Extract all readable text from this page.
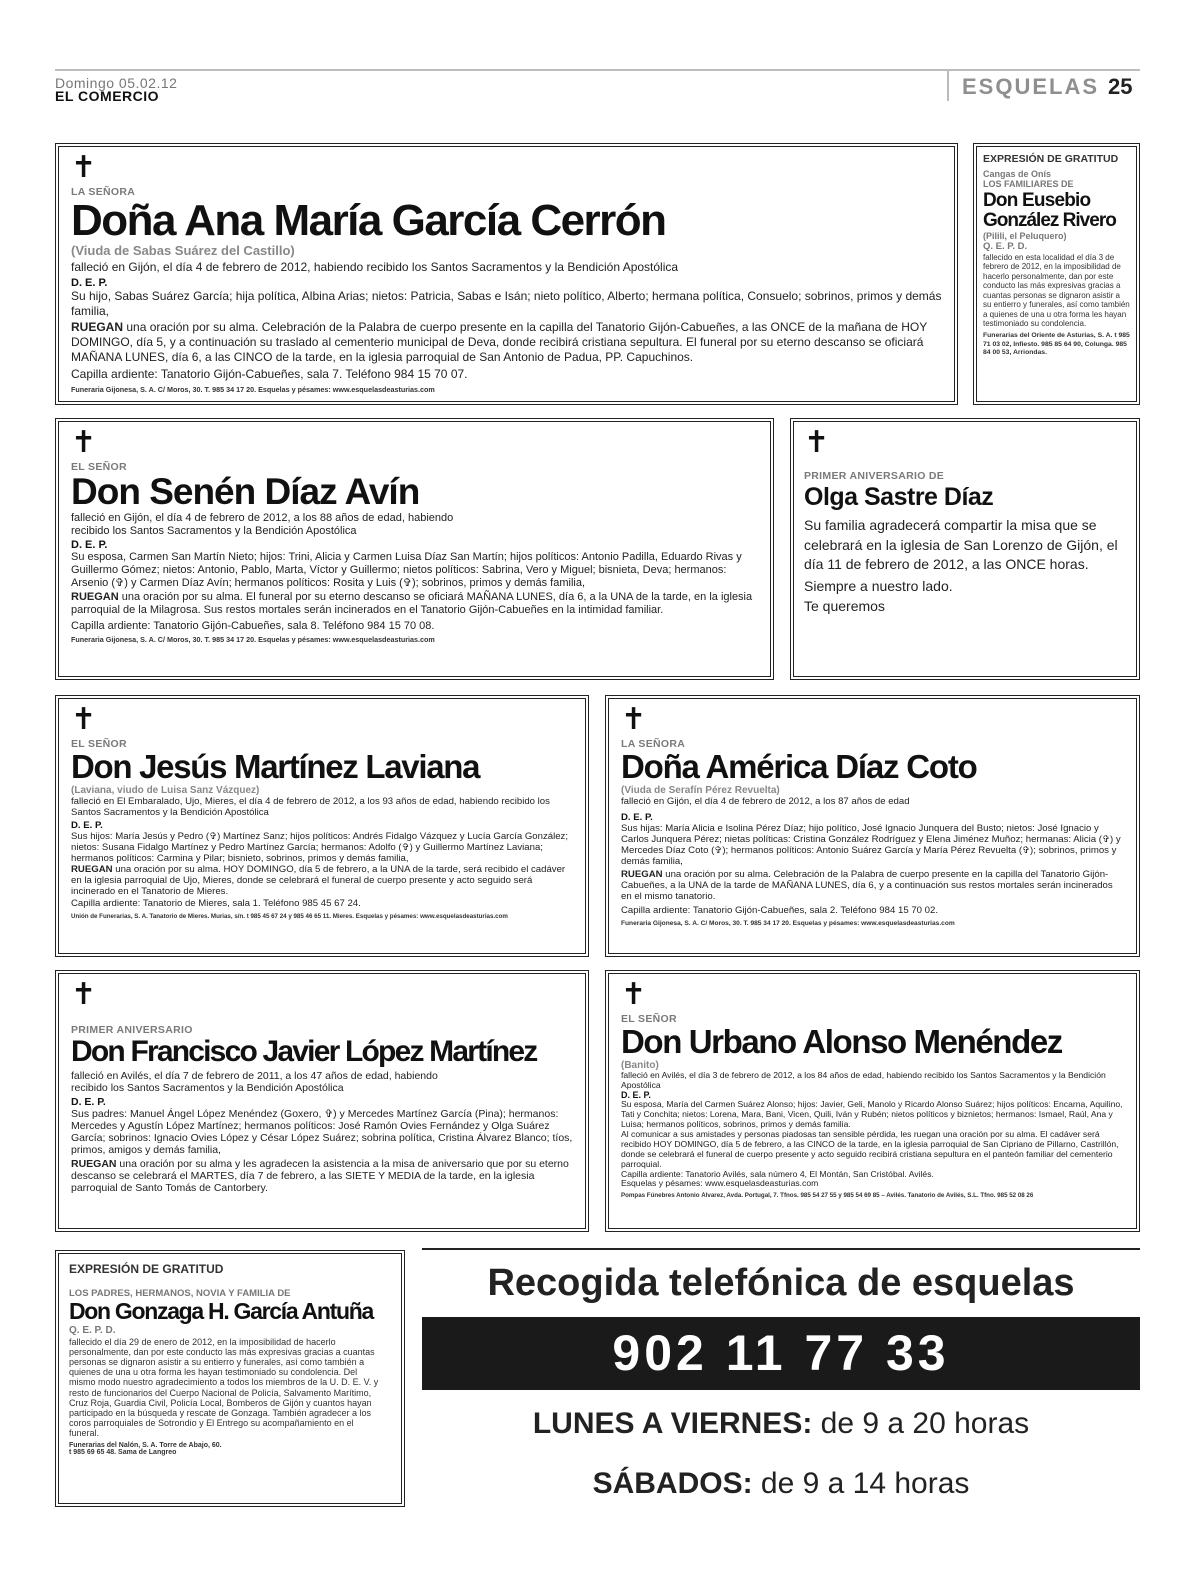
Domingo 05.02.12
EL COMERCIO	ESQUELAS 25
✝
LA SEÑORA
Doña Ana María García Cerrón
(Viuda de Sabas Suárez del Castillo)
falleció en Gijón, el día 4 de febrero de 2012, habiendo recibido los Santos Sacramentos y la Bendición Apostólica
D. E. P.
Su hijo, Sabas Suárez García; hija política, Albina Arias; nietos: Patricia, Sabas e Isán; nieto político, Alberto; hermana política, Consuelo; sobrinos, primos y demás familia,
RUEGAN una oración por su alma. Celebración de la Palabra de cuerpo presente en la capilla del Tanatorio Gijón-Cabueñes, a las ONCE de la mañana de HOY DOMINGO, día 5, y a continuación su traslado al cementerio municipal de Deva, donde recibirá cristiana sepultura. El funeral por su eterno descanso se oficiará MAÑANA LUNES, día 6, a las CINCO de la tarde, en la iglesia parroquial de San Antonio de Padua, PP. Capuchinos.
Capilla ardiente: Tanatorio Gijón-Cabueñes, sala 7. Teléfono 984 15 70 07.
Funeraria Gijonesa, S. A. C/ Moros, 30. T. 985 34 17 20. Esquelas y pésames: www.esquelasdeasturias.com
EXPRESIÓN DE GRATITUD
Cangas de Onís
LOS FAMILIARES DE
Don Eusebio
González Rivero
(Pilili, el Peluquero)
Q. E. P. D.
fallecido en esta localidad el día 3 de febrero de 2012, en la imposibilidad de hacerlo personalmente, dan por este conducto las más expresivas gracias a cuantas personas se dignaron asistir a su entierro y funerales, así como también a quienes de una u otra forma les hayan testimoniado su condolencia.
Funerarias del Oriente de Asturias, S. A. t 985 71 03 02, Infiesto. 985 85 64 90, Colunga. 985 84 00 53, Arriondas.
✝
EL SEÑOR
Don Senén Díaz Avín
falleció en Gijón, el día 4 de febrero de 2012, a los 88 años de edad, habiendo recibido los Santos Sacramentos y la Bendición Apostólica
D. E. P.
Su esposa, Carmen San Martín Nieto; hijos: Trini, Alicia y Carmen Luisa Díaz San Martín; hijos políticos: Antonio Padilla, Eduardo Rivas y Guillermo Gómez; nietos: Antonio, Pablo, Marta, Víctor y Guillermo; nietos políticos: Sabrina, Vero y Miguel; bisnieta, Deva; hermanos: Arsenio (✞) y Carmen Díaz Avín; hermanos políticos: Rosita y Luis (✞); sobrinos, primos y demás familia,
RUEGAN una oración por su alma. El funeral por su eterno descanso se oficiará MAÑANA LUNES, día 6, a la UNA de la tarde, en la iglesia parroquial de la Milagrosa. Sus restos mortales serán incinerados en el Tanatorio Gijón-Cabueñes en la intimidad familiar.
Capilla ardiente: Tanatorio Gijón-Cabueñes, sala 8. Teléfono 984 15 70 08.
Funeraria Gijonesa, S. A. C/ Moros, 30. T. 985 34 17 20. Esquelas y pésames: www.esquelasdeasturias.com
✝
PRIMER ANIVERSARIO DE
Olga Sastre Díaz
Su familia agradecerá compartir la misa que se celebrará en la iglesia de San Lorenzo de Gijón, el día 11 de febrero de 2012, a las ONCE horas.
Siempre a nuestro lado.
Te queremos
✝
EL SEÑOR
Don Jesús Martínez Laviana
(Laviana, viudo de Luisa Sanz Vázquez)
falleció en El Embaralado, Ujo, Mieres, el día 4 de febrero de 2012, a los 93 años de edad, habiendo recibido los Santos Sacramentos y la Bendición Apostólica
D. E. P.
Sus hijos: María Jesús y Pedro (✞) Martínez Sanz; hijos políticos: Andrés Fidalgo Vázquez y Lucía García González; nietos: Susana Fidalgo Martínez y Pedro Martínez García; hermanos: Adolfo (✞) y Guillermo Martínez Laviana; hermanos políticos: Carmina y Pilar; bisnieto, sobrinos, primos y demás familia,
RUEGAN una oración por su alma. HOY DOMINGO, día 5 de febrero, a la UNA de la tarde, será recibido el cadáver en la iglesia parroquial de Ujo, Mieres, donde se celebrará el funeral de cuerpo presente y acto seguido será incinerado en el Tanatorio de Mieres.
Capilla ardiente: Tanatorio de Mieres, sala 1. Teléfono 985 45 67 24.
Unión de Funerarias, S. A. Tanatorio de Mieres. Murias, s/n. t 985 45 67 24 y 985 46 65 11. Mieres. Esquelas y pésames: www.esquelasdeasturias.com
✝
LA SEÑORA
Doña América Díaz Coto
(Viuda de Serafín Pérez Revuelta)
falleció en Gijón, el día 4 de febrero de 2012, a los 87 años de edad
D. E. P.
Sus hijas: María Alicia e Isolina Pérez Díaz; hijo político, José Ignacio Junquera del Busto; nietos: José Ignacio y Carlos Junquera Pérez; nietas políticas: Cristina González Rodríguez y Elena Jiménez Muñoz; hermanas: Alicia (✞) y Mercedes Díaz Coto (✞); hermanos políticos: Antonio Suárez García y María Pérez Revuelta (✞); sobrinos, primos y demás familia,
RUEGAN una oración por su alma. Celebración de la Palabra de cuerpo presente en la capilla del Tanatorio Gijón-Cabueñes, a la UNA de la tarde de MAÑANA LUNES, día 6, y a continuación sus restos mortales serán incinerados en el mismo tanatorio.
Capilla ardiente: Tanatorio Gijón-Cabueñes, sala 2. Teléfono 984 15 70 02.
Funeraria Gijonesa, S. A. C/ Moros, 30. T. 985 34 17 20. Esquelas y pésames: www.esquelasdeasturias.com
✝
PRIMER ANIVERSARIO
Don Francisco Javier López Martínez
falleció en Avilés, el día 7 de febrero de 2011, a los 47 años de edad, habiendo recibido los Santos Sacramentos y la Bendición Apostólica
D. E. P.
Sus padres: Manuel Ángel López Menéndez (Goxero, ✞) y Mercedes Martínez García (Pina); hermanos: Mercedes y Agustín López Martínez; hermanos políticos: José Ramón Ovies Fernández y Olga Suárez García; sobrinos: Ignacio Ovies López y César López Suárez; sobrina política, Cristina Álvarez Blanco; tíos, primos, amigos y demás familia,
RUEGAN una oración por su alma y les agradecen la asistencia a la misa de aniversario que por su eterno descanso se celebrará el MARTES, día 7 de febrero, a las SIETE Y MEDIA de la tarde, en la iglesia parroquial de Santo Tomás de Cantorbery.
✝
EL SEÑOR
Don Urbano Alonso Menéndez
(Banito)
falleció en Avilés, el día 3 de febrero de 2012, a los 84 años de edad, habiendo recibido los Santos Sacramentos y la Bendición Apostólica
D. E. P.
Su esposa, María del Carmen Suárez Alonso; hijos: Javier, Geli, Manolo y Ricardo Alonso Suárez; hijos políticos: Encarna, Aquilino, Tati y Conchita; nietos: Lorena, Mara, Bani, Vicen, Quili, Iván y Rubén; nietos políticos y biznietos; hermanos: Ismael, Raúl, Ana y Luisa; hermanos políticos, sobrinos, primos y demás familia.
Al comunicar a sus amistades y personas piadosas tan sensible pérdida, les ruegan una oración por su alma. El cadáver será recibido HOY DOMINGO, día 5 de febrero, a las CINCO de la tarde, en la iglesia parroquial de San Cipriano de Pillarno, Castrillón, donde se celebrará el funeral de cuerpo presente y acto seguido recibirá cristiana sepultura en el panteón familiar del cementerio parroquial.
Capilla ardiente: Tanatorio Avilés, sala número 4, El Montán, San Cristóbal. Avilés.
Esquelas y pésames: www.esquelasdeasturias.com
Pompas Fúnebres Antonio Álvarez, Avda. Portugal, 7. Tfnos. 985 54 27 55 y 985 54 69 85 – Avilés. Tanatorio de Avilés, S.L. Tfno. 985 52 08 26
EXPRESIÓN DE GRATITUD
LOS PADRES, HERMANOS, NOVIA Y FAMILIA DE
Don Gonzaga H. García Antuña
Q. E. P. D.
fallecido el día 29 de enero de 2012, en la imposibilidad de hacerlo personalmente, dan por este conducto las más expresivas gracias a cuantas personas se dignaron asistir a su entierro y funerales, así como también a quienes de una u otra forma les hayan testimoniado su condolencia. Del mismo modo nuestro agradecimiento a todos los miembros de la U. D. E. V. y resto de funcionarios del Cuerpo Nacional de Policía, Salvamento Marítimo, Cruz Roja, Guardia Civil, Policía Local, Bomberos de Gijón y cuantos hayan participado en la búsqueda y rescate de Gonzaga. También agradecer a los coros parroquiales de Sotrondio y El Entrego su acompañamiento en el funeral.
Funerarias del Nalón, S. A. Torre de Abajo, 60.
t 985 69 65 48. Sama de Langreo
Recogida telefónica de esquelas
902 11 77 33
LUNES A VIERNES: de 9 a 20 horas
SÁBADOS: de 9 a 14 horas
